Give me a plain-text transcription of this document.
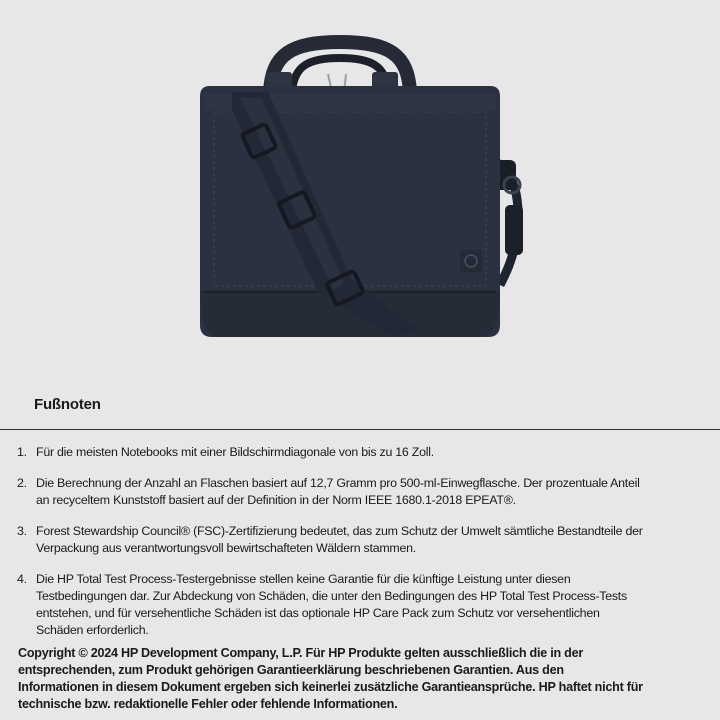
Fußnoten
1. Für die meisten Notebooks mit einer Bildschirmdiagonale von bis zu 16 Zoll.
2. Die Berechnung der Anzahl an Flaschen basiert auf 12,7 Gramm pro 500-ml-Einwegflasche. Der prozentuale Anteil
an recyceltem Kunststoff basiert auf der Definition in der Norm IEEE 1680.1-2018 EPEAT®.
3. Forest Stewardship Council® (FSC)-Zertifizierung bedeutet, das zum Schutz der Umwelt sämtliche Bestandteile der
Verpackung aus verantwortungsvoll bewirtschafteten Wäldern stammen.
4. Die HP Total Test Process-Testergebnisse stellen keine Garantie für die künftige Leistung unter diesen
Testbedingungen dar. Zur Abdeckung von Schäden, die unter den Bedingungen des HP Total Test Process-Tests
entstehen, und für versehentliche Schäden ist das optionale HP Care Pack zum Schutz vor versehentlichen
Schäden erforderlich.
Copyright © 2024 HP Development Company, L.P. Für HP Produkte gelten ausschließlich die in der
entsprechenden, zum Produkt gehörigen Garantieerklärung beschriebenen Garantien. Aus den
Informationen in diesem Dokument ergeben sich keinerlei zusätzliche Garantieansprüche. HP haftet nicht für
technische bzw. redaktionelle Fehler oder fehlende Informationen.
